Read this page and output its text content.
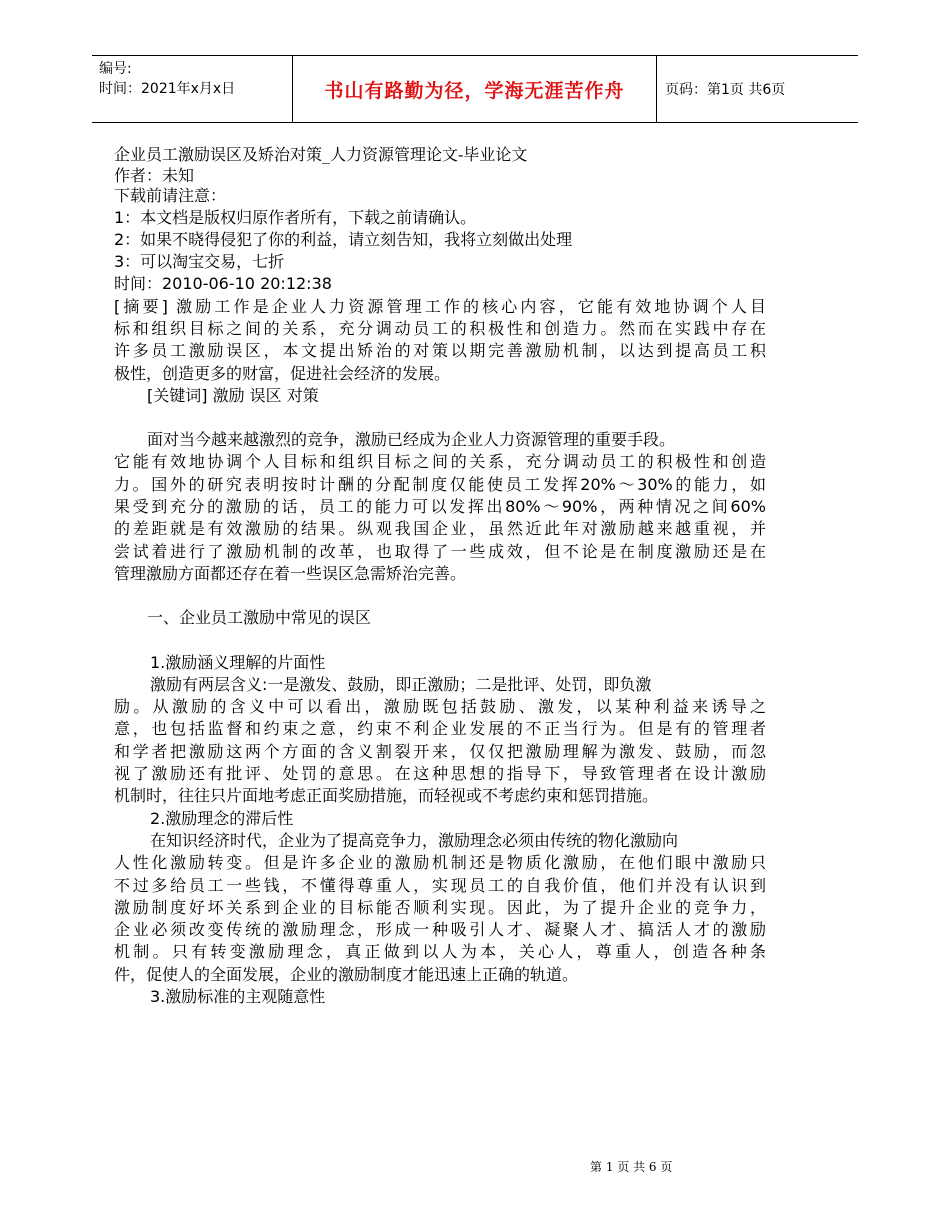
编号:
时间：2021年x月x日	书山有路勤为径，学海无涯苦作舟	页码：第1页 共6页
企业员工激励误区及矫治对策_人力资源管理论文-毕业论文
作者：未知
下载前请注意：
1：本文档是版权归原作者所有，下载之前请确认。
2：如果不晓得侵犯了你的利益，请立刻告知，我将立刻做出处理
3：可以淘宝交易，七折
时间：2010-06-10 20:12:38
[摘要] 激励工作是企业人力资源管理工作的核心内容，它能有效地协调个人目
标和组织目标之间的关系，充分调动员工的积极性和创造力。然而在实践中存在
许多员工激励误区，本文提出矫治的对策以期完善激励机制，以达到提高员工积
极性，创造更多的财富，促进社会经济的发展。
[关键词] 激励 误区 对策
面对当今越来越激烈的竞争，激励已经成为企业人力资源管理的重要手段。
它能有效地协调个人目标和组织目标之间的关系，充分调动员工的积极性和创造
力。国外的研究表明按时计酬的分配制度仅能使员工发挥20%～30%的能力，如
果受到充分的激励的话，员工的能力可以发挥出80%～90%，两种情况之间60%
的差距就是有效激励的结果。纵观我国企业，虽然近此年对激励越来越重视，并
尝试着进行了激励机制的改革，也取得了一些成效，但不论是在制度激励还是在
管理激励方面都还存在着一些误区急需矫治完善。
一、企业员工激励中常见的误区
1.激励涵义理解的片面性
激励有两层含义:一是激发、鼓励，即正激励；二是批评、处罚，即负激
励。从激励的含义中可以看出，激励既包括鼓励、激发，以某种利益来诱导之
意，也包括监督和约束之意，约束不利企业发展的不正当行为。但是有的管理者
和学者把激励这两个方面的含义割裂开来，仅仅把激励理解为激发、鼓励，而忽
视了激励还有批评、处罚的意思。在这种思想的指导下，导致管理者在设计激励
机制时，往往只片面地考虑正面奖励措施，而轻视或不考虑约束和惩罚措施。
2.激励理念的滞后性
在知识经济时代，企业为了提高竞争力，激励理念必须由传统的物化激励向
人性化激励转变。但是许多企业的激励机制还是物质化激励，在他们眼中激励只
不过多给员工一些钱，不懂得尊重人，实现员工的自我价值，他们并没有认识到
激励制度好坏关系到企业的目标能否顺利实现。因此，为了提升企业的竞争力，
企业必须改变传统的激励理念，形成一种吸引人才、凝聚人才、搞活人才的激励
机制。只有转变激励理念，真正做到以人为本，关心人，尊重人，创造各种条
件，促使人的全面发展，企业的激励制度才能迅速上正确的轨道。
3.激励标准的主观随意性
第 1 页 共 6 页
